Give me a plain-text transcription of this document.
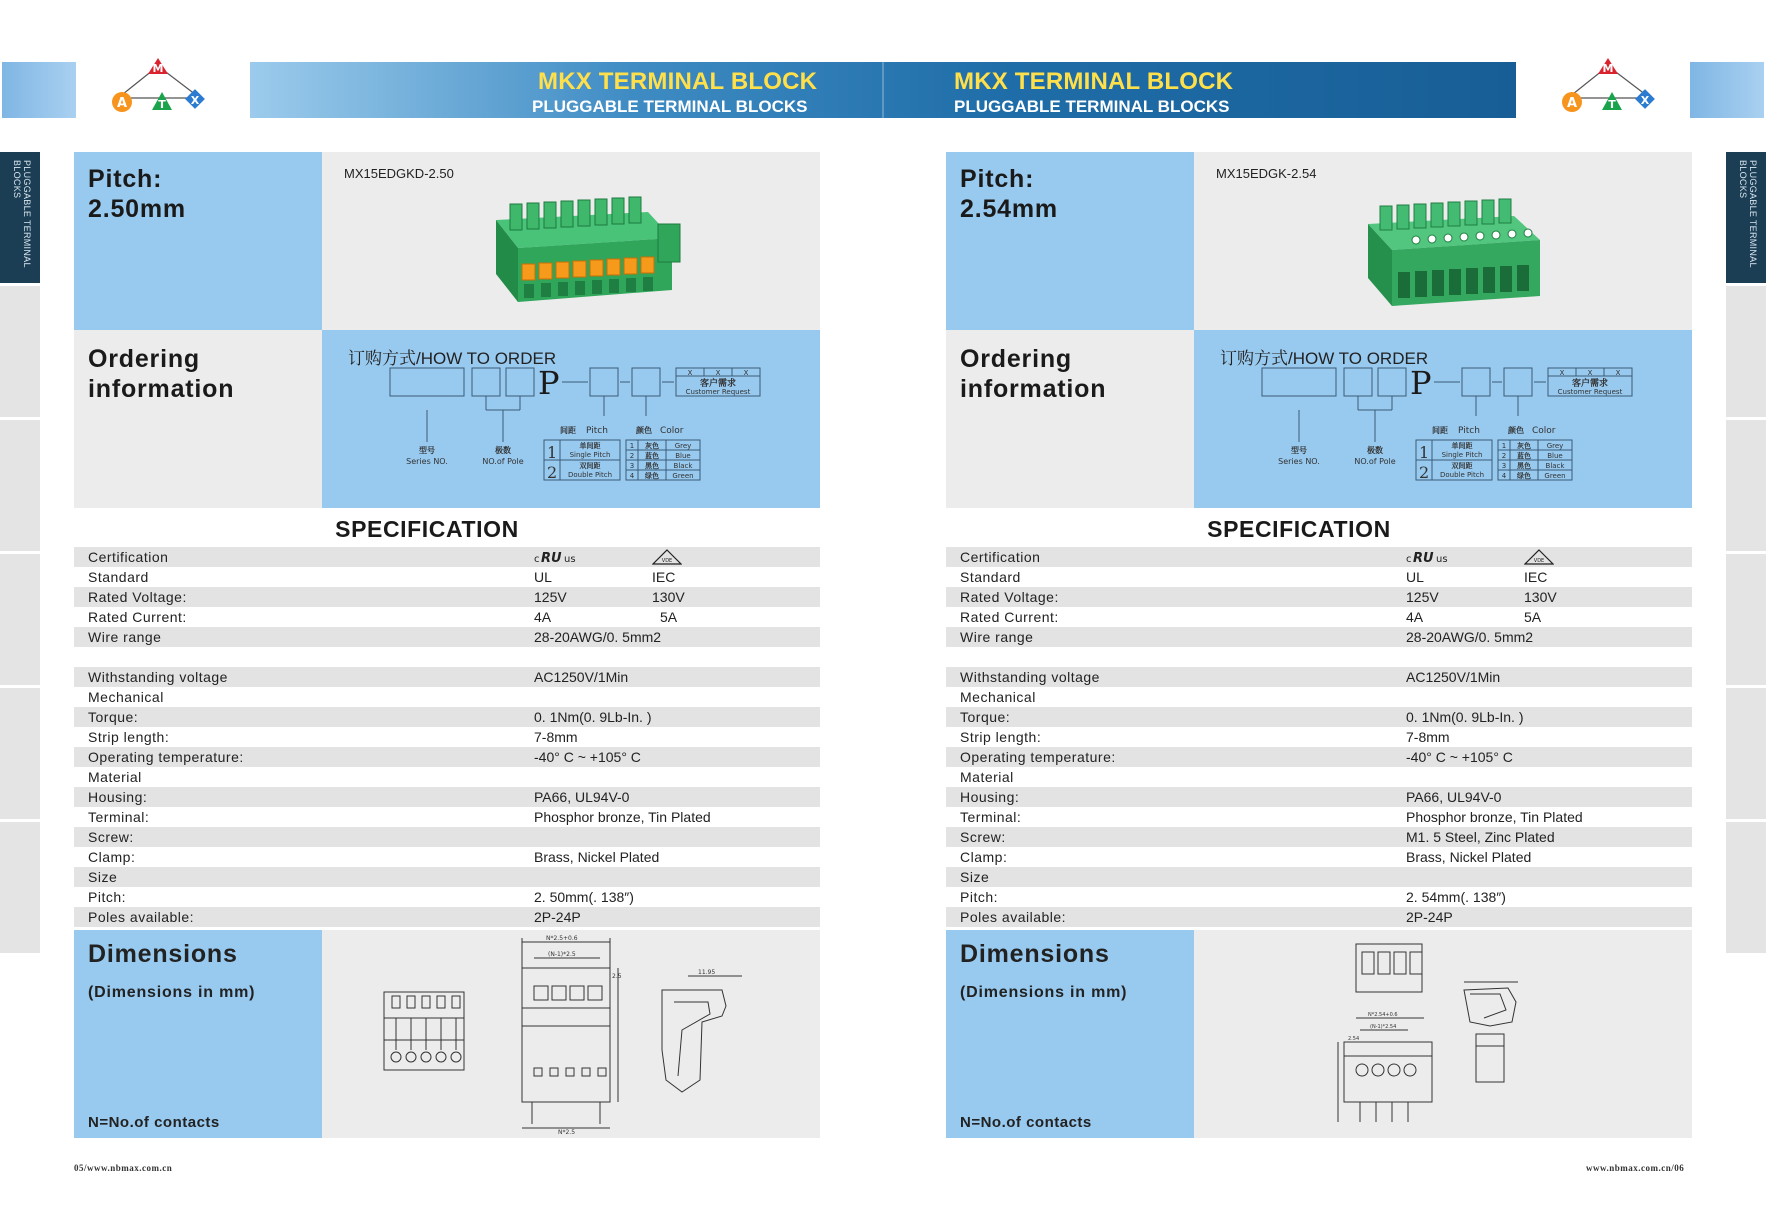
MKX TERMINAL BLOCK
PLUGGABLE TERMINAL BLOCKS
MKX TERMINAL BLOCK
PLUGGABLE TERMINAL BLOCKS
M
A	T X
M
A	T X
PLUGGABLE TERMINAL BLOCKS	PLUGGABLE TERMINAL BLOCKS
Pitch:
2.50mm
MX15EDGKD-2.50
Ordering
information
订购方式/HOW TO ORDER
P	X	X	X
客户需求
Customer Request
型号
Series NO.
极数
NO.of Pole
间距 Pitch	颜色 Color
1	单间距
Single Pitch
2	双间距
Double Pitch
1 灰色 Grey
2 蓝色 Blue
3 黑色 Black
4 绿色 Green
SPECIFICATION
Certification	c RU us	VDE
Standard	UL	IEC
Rated Voltage:	125V	130V
Rated Current:	4A	5A
Wire range	28-20AWG/0. 5mm2
Withstanding voltage	AC1250V/1Min
Mechanical
Torque:	0. 1Nm(0. 9Lb-In. )
Strip length:	7-8mm
Operating temperature:	-40° C ~ +105° C
Material
Housing:	PA66, UL94V-0
Terminal:	Phosphor bronze, Tin Plated
Screw:
Clamp:	Brass, Nickel Plated
Size
Pitch:	2. 50mm(. 138″)
Poles available:	2P-24P
Dimensions
(Dimensions in mm)
N=No.of contacts
N*2.5+0.6
(N-1)*2.5
2.5
11.95
N*2.5
Pitch:
2.54mm
MX15EDGK-2.54
Ordering
information
订购方式/HOW TO ORDER
P	X	X	X
客户需求
Customer Request
型号
Series NO.
极数
NO.of Pole
间距 Pitch	颜色 Color
1	单间距
Single Pitch
2	双间距
Double Pitch
1 灰色 Grey
2 蓝色 Blue
3 黑色 Black
4 绿色 Green
SPECIFICATION
Certification	c RU us	VDE
Standard	UL	IEC
Rated Voltage:	125V	130V
Rated Current:	4A	5A
Wire range	28-20AWG/0. 5mm2
Withstanding voltage	AC1250V/1Min
Mechanical
Torque:	0. 1Nm(0. 9Lb-In. )
Strip length:	7-8mm
Operating temperature:	-40° C ~ +105° C
Material
Housing:	PA66, UL94V-0
Terminal:	Phosphor bronze, Tin Plated
Screw:	M1. 5 Steel, Zinc Plated
Clamp:	Brass, Nickel Plated
Size
Pitch:	2. 54mm(. 138″)
Poles available:	2P-24P
Dimensions
(Dimensions in mm)
N=No.of contacts
N*2.54+0.6
(N-1)*2.54
2.54
05/www.nbmax.com.cn	www.nbmax.com.cn/06
